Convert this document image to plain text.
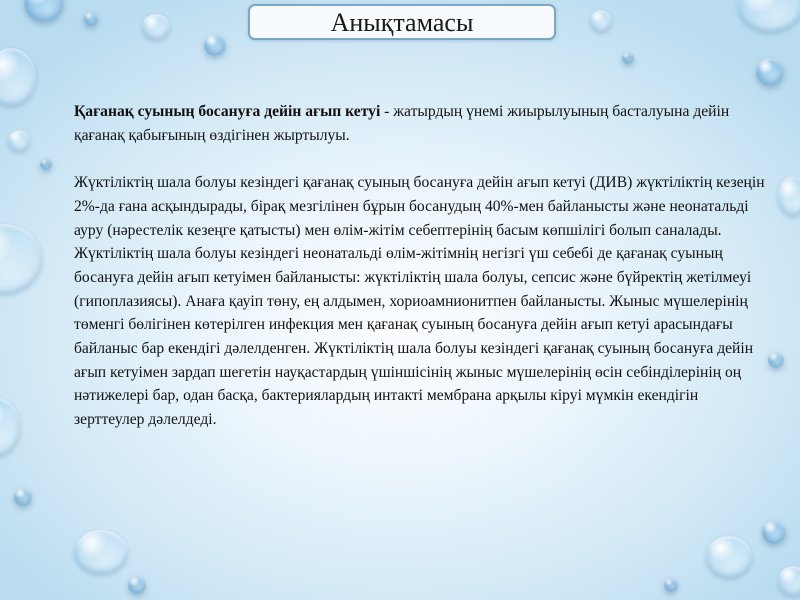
Анықтамасы

Қағанақ суының босануға дейін ағып кетуі - жатырдың үнемі жиырылуының басталуына дейін қағанақ қабығының өздігінен жыртылуы.

Жүктіліктің шала болуы кезіндегі қағанақ суының босануға дейін ағып кетуі (ДИВ) жүктіліктің кезеңін 2%-да ғана асқындырады, бірақ мезгілінен бұрын босанудың 40%-мен байланысты және неонатальді ауру (нәрестелік кезеңге қатысты) мен өлім-жітім себептерінің басым көпшілігі болып саналады. Жүктіліктің шала болуы кезіндегі неонатальді өлім-жітімнің негізгі үш себебі де қағанақ суының босануға дейін ағып кетуімен байланысты: жүктіліктің шала болуы, сепсис және бүйректің жетілмеуі (гипоплазиясы). Анаға қауіп төну, ең алдымен, хориоамнионитпен байланысты. Жыныс мүшелерінің төменгі бөлігінен көтерілген инфекция мен қағанақ суының босануға дейін ағып кетуі арасындағы байланыс бар екендігі дәлелденген. Жүктіліктің шала болуы кезіндегі қағанақ суының босануға дейін ағып кетуімен зардап шегетін науқастардың үшіншісінің жыныс мүшелерінің өсін себінділерінің оң нәтижелері бар, одан басқа, бактериялардың интакті мембрана арқылы кіруі мүмкін екендігін зерттеулер дәлелдеді.
